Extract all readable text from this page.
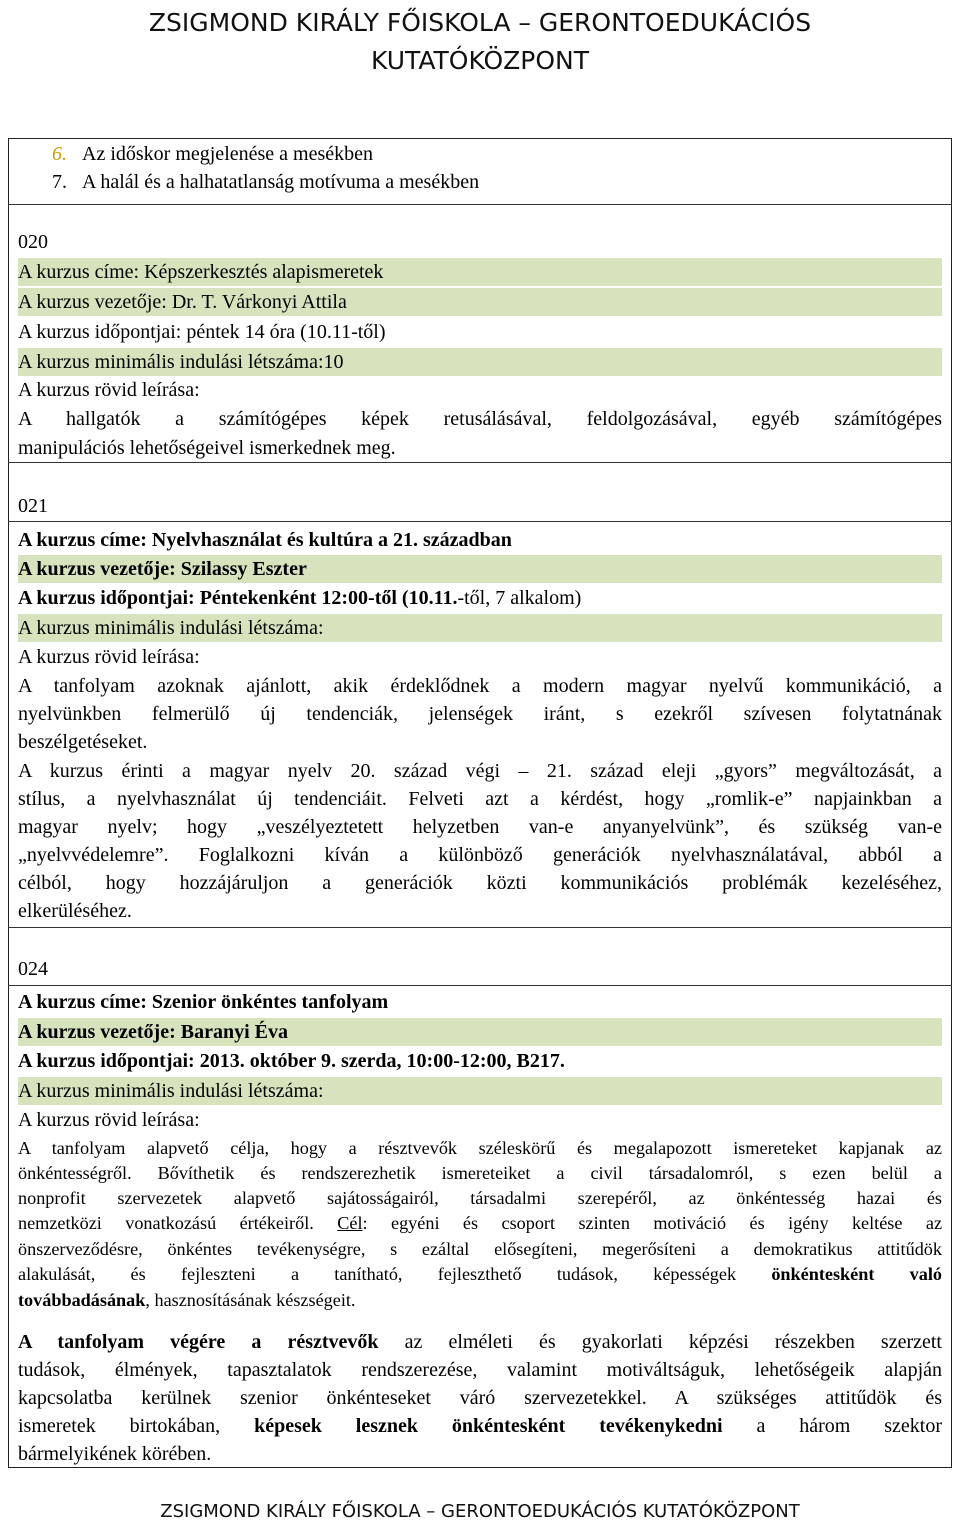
ZSIGMOND KIRÁLY FŐISKOLA – GERONTOEDUKÁCIÓS
KUTATÓKÖZPONT
6. Az időskor megjelenése a mesékben
7. A halál és a halhatatlanság motívuma a mesékben
020
A kurzus címe: Képszerkesztés alapismeretek
A kurzus vezetője: Dr. T. Várkonyi Attila
A kurzus időpontjai: péntek 14 óra (10.11-től)
A kurzus minimális indulási létszáma:10
A kurzus rövid leírása:
A hallgatók a számítógépes képek retusálásával, feldolgozásával, egyéb számítógépes
manipulációs lehetőségeivel ismerkednek meg.
021
A kurzus címe: Nyelvhasználat és kultúra a 21. században
A kurzus vezetője: Szilassy Eszter
A kurzus időpontjai: Péntekenként 12:00-től (10.11.-től, 7 alkalom)
A kurzus minimális indulási létszáma:
A kurzus rövid leírása:
A tanfolyam azoknak ajánlott, akik érdeklődnek a modern magyar nyelvű kommunikáció, a
nyelvünkben felmerülő új tendenciák, jelenségek iránt, s ezekről szívesen folytatnának
beszélgetéseket.
A kurzus érinti a magyar nyelv 20. század végi – 21. század eleji „gyors” megváltozását, a
stílus, a nyelvhasználat új tendenciáit. Felveti azt a kérdést, hogy „romlik-e” napjainkban a
magyar nyelv; hogy „veszélyeztetett helyzetben van-e anyanyelvünk”, és szükség van-e
„nyelvvédelemre”. Foglalkozni kíván a különböző generációk nyelvhasználatával, abból a
célból, hogy hozzájáruljon a generációk közti kommunikációs problémák kezeléséhez,
elkerüléséhez.
024
A kurzus címe: Szenior önkéntes tanfolyam
A kurzus vezetője: Baranyi Éva
A kurzus időpontjai: 2013. október 9. szerda, 10:00-12:00, B217.
A kurzus minimális indulási létszáma:
A kurzus rövid leírása:
A tanfolyam alapvető célja, hogy a résztvevők széleskörű és megalapozott ismereteket kapjanak az
önkéntességről. Bővíthetik és rendszerezhetik ismereteiket a civil társadalomról, s ezen belül a
nonprofit szervezetek alapvető sajátosságairól, társadalmi szerepéről, az önkéntesség hazai és
nemzetközi vonatkozású értékeiről. Cél: egyéni és csoport szinten motiváció és igény keltése az
önszerveződésre, önkéntes tevékenységre, s ezáltal elősegíteni, megerősíteni a demokratikus attitűdök
alakulását, és fejleszteni a tanítható, fejleszthető tudások, képességek önkéntesként való
továbbadásának, hasznosításának készségeit.
A tanfolyam végére a résztvevők az elméleti és gyakorlati képzési részekben szerzett
tudások, élmények, tapasztalatok rendszerezése, valamint motiváltságuk, lehetőségeik alapján
kapcsolatba kerülnek szenior önkénteseket váró szervezetekkel. A szükséges attitűdök és
ismeretek birtokában, képesek lesznek önkéntesként tevékenykedni a három szektor
bármelyikének körében.
ZSIGMOND KIRÁLY FŐISKOLA – GERONTOEDUKÁCIÓS KUTATÓKÖZPONT
